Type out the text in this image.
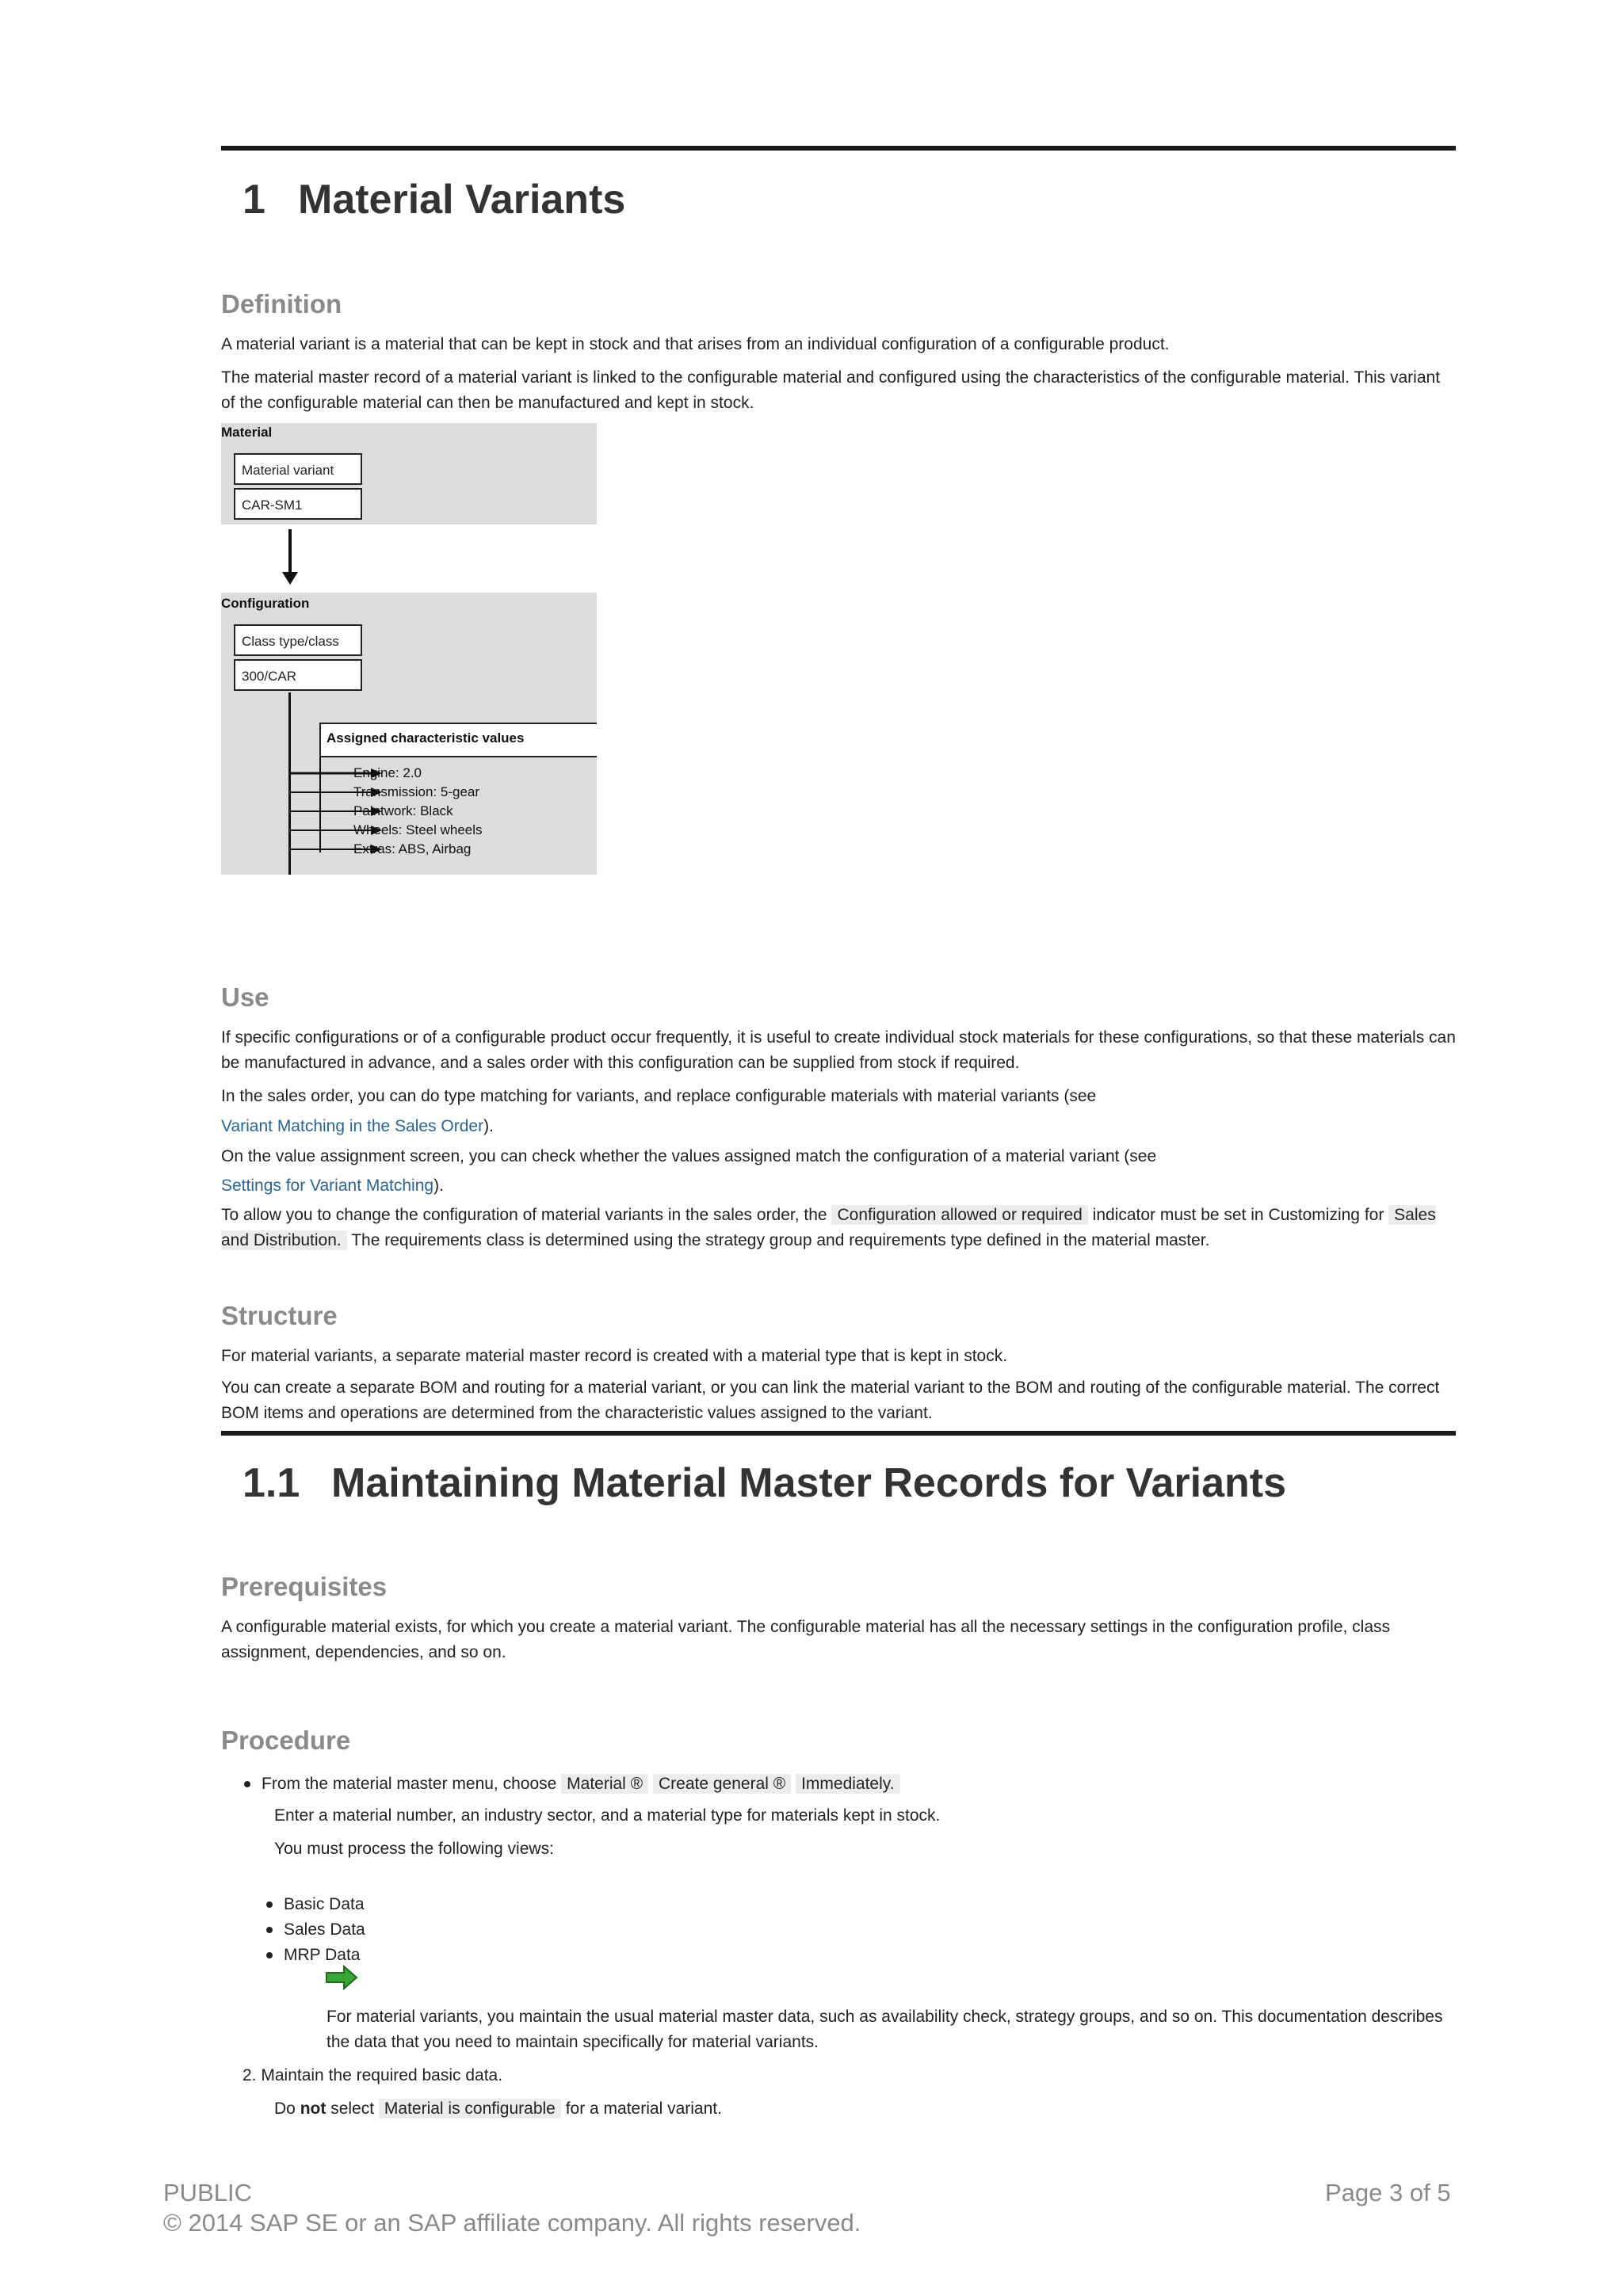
1 Material Variants
Definition
A material variant is a material that can be kept in stock and that arises from an individual configuration of a configurable product.
The material master record of a material variant is linked to the configurable material and configured using the characteristics of the configurable material. This variant of the configurable material can then be manufactured and kept in stock.
Material
Material variant
CAR-SM1
Configuration
Class type/class
300/CAR
Assigned characteristic values
Engine: 2.0
Transmission: 5-gear
Paintwork: Black
Wheels: Steel wheels
Extras: ABS, Airbag
Use
If specific configurations or of a configurable product occur frequently, it is useful to create individual stock materials for these configurations, so that these materials can be manufactured in advance, and a sales order with this configuration can be supplied from stock if required.
In the sales order, you can do type matching for variants, and replace configurable materials with material variants (see
Variant Matching in the Sales Order).
On the value assignment screen, you can check whether the values assigned match the configuration of a material variant (see
Settings for Variant Matching).
To allow you to change the configuration of material variants in the sales order, the Configuration allowed or required indicator must be set in Customizing for Sales and Distribution. The requirements class is determined using the strategy group and requirements type defined in the material master.
Structure
For material variants, a separate material master record is created with a material type that is kept in stock.
You can create a separate BOM and routing for a material variant, or you can link the material variant to the BOM and routing of the configurable material. The correct BOM items and operations are determined from the characteristic values assigned to the variant.
1.1 Maintaining Material Master Records for Variants
Prerequisites
A configurable material exists, for which you create a material variant. The configurable material has all the necessary settings in the configuration profile, class assignment, dependencies, and so on.
Procedure
From the material master menu, choose Material ® Create general ® Immediately.
Enter a material number, an industry sector, and a material type for materials kept in stock.
You must process the following views:
Basic Data
Sales Data
MRP Data
For material variants, you maintain the usual material master data, such as availability check, strategy groups, and so on. This documentation describes the data that you need to maintain specifically for material variants.
2. Maintain the required basic data.
Do not select Material is configurable for a material variant.
PUBLIC	Page 3 of 5
© 2014 SAP SE or an SAP affiliate company. All rights reserved.
